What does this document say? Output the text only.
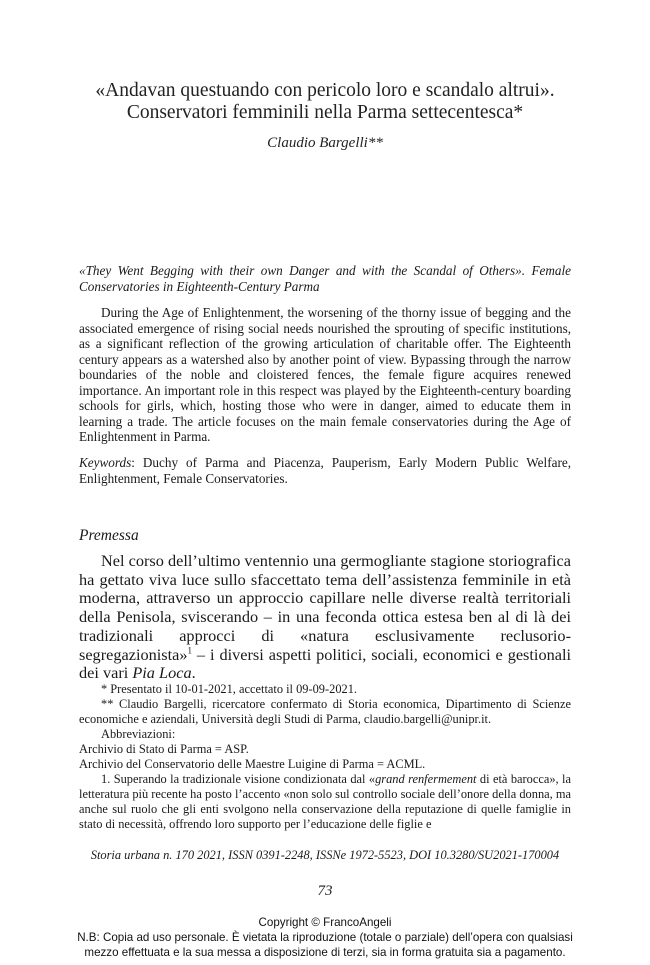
«Andavan questuando con pericolo loro e scandalo altrui».
Conservatori femminili nella Parma settecentesca*
Claudio Bargelli**
«They Went Begging with their own Danger and with the Scandal of Others». Female Conservatories in Eighteenth-Century Parma

During the Age of Enlightenment, the worsening of the thorny issue of begging and the associated emergence of rising social needs nourished the sprouting of specific institutions, as a significant reflection of the growing articulation of charitable offer. The Eighteenth century appears as a watershed also by another point of view. Bypassing through the narrow boundaries of the noble and cloistered fences, the female figure acquires renewed importance. An important role in this respect was played by the Eighteenth-century boarding schools for girls, which, hosting those who were in danger, aimed to educate them in learning a trade. The article focuses on the main female conservatories during the Age of Enlightenment in Parma.

Keywords: Duchy of Parma and Piacenza, Pauperism, Early Modern Public Welfare, Enlightenment, Female Conservatories.

Premessa

Nel corso dell’ultimo ventennio una germogliante stagione storiografica ha gettato viva luce sullo sfaccettato tema dell’assistenza femminile in età moderna, attraverso un approccio capillare nelle diverse realtà territoriali della Penisola, sviscerando – in una feconda ottica estesa ben al di là dei tradizionali approcci di «natura esclusivamente reclusorio-segregazionista»$^1$ – i diversi aspetti politici, sociali, economici e gestionali dei vari Pia Loca.

* Presentato il 10-01-2021, accettato il 09-09-2021.

** Claudio Bargelli, ricercatore confermato di Storia economica, Dipartimento di Scienze economiche e aziendali, Università degli Studi di Parma, claudio.bargelli@unipr.it.

Abbreviazioni:

Archivio di Stato di Parma = ASP.

Archivio del Conservatorio delle Maestre Luigine di Parma = ACML.

1. Superando la tradizionale visione condizionata dal «grand renfermement di età barocca», la letteratura più recente ha posto l’accento «non solo sul controllo sociale dell’onore della donna, ma anche sul ruolo che gli enti svolgono nella conservazione della reputazione di quelle famiglie in stato di necessità, offrendo loro supporto per l’educazione delle figlie e

Storia urbana n. 170 2021, ISSN 0391-2248, ISSNe 1972-5523, DOI 10.3280/SU2021-170004
73
Copyright © FrancoAngeli
N.B: Copia ad uso personale. È vietata la riproduzione (totale o parziale) dell’opera con qualsiasi
mezzo effettuata e la sua messa a disposizione di terzi, sia in forma gratuita sia a pagamento.
